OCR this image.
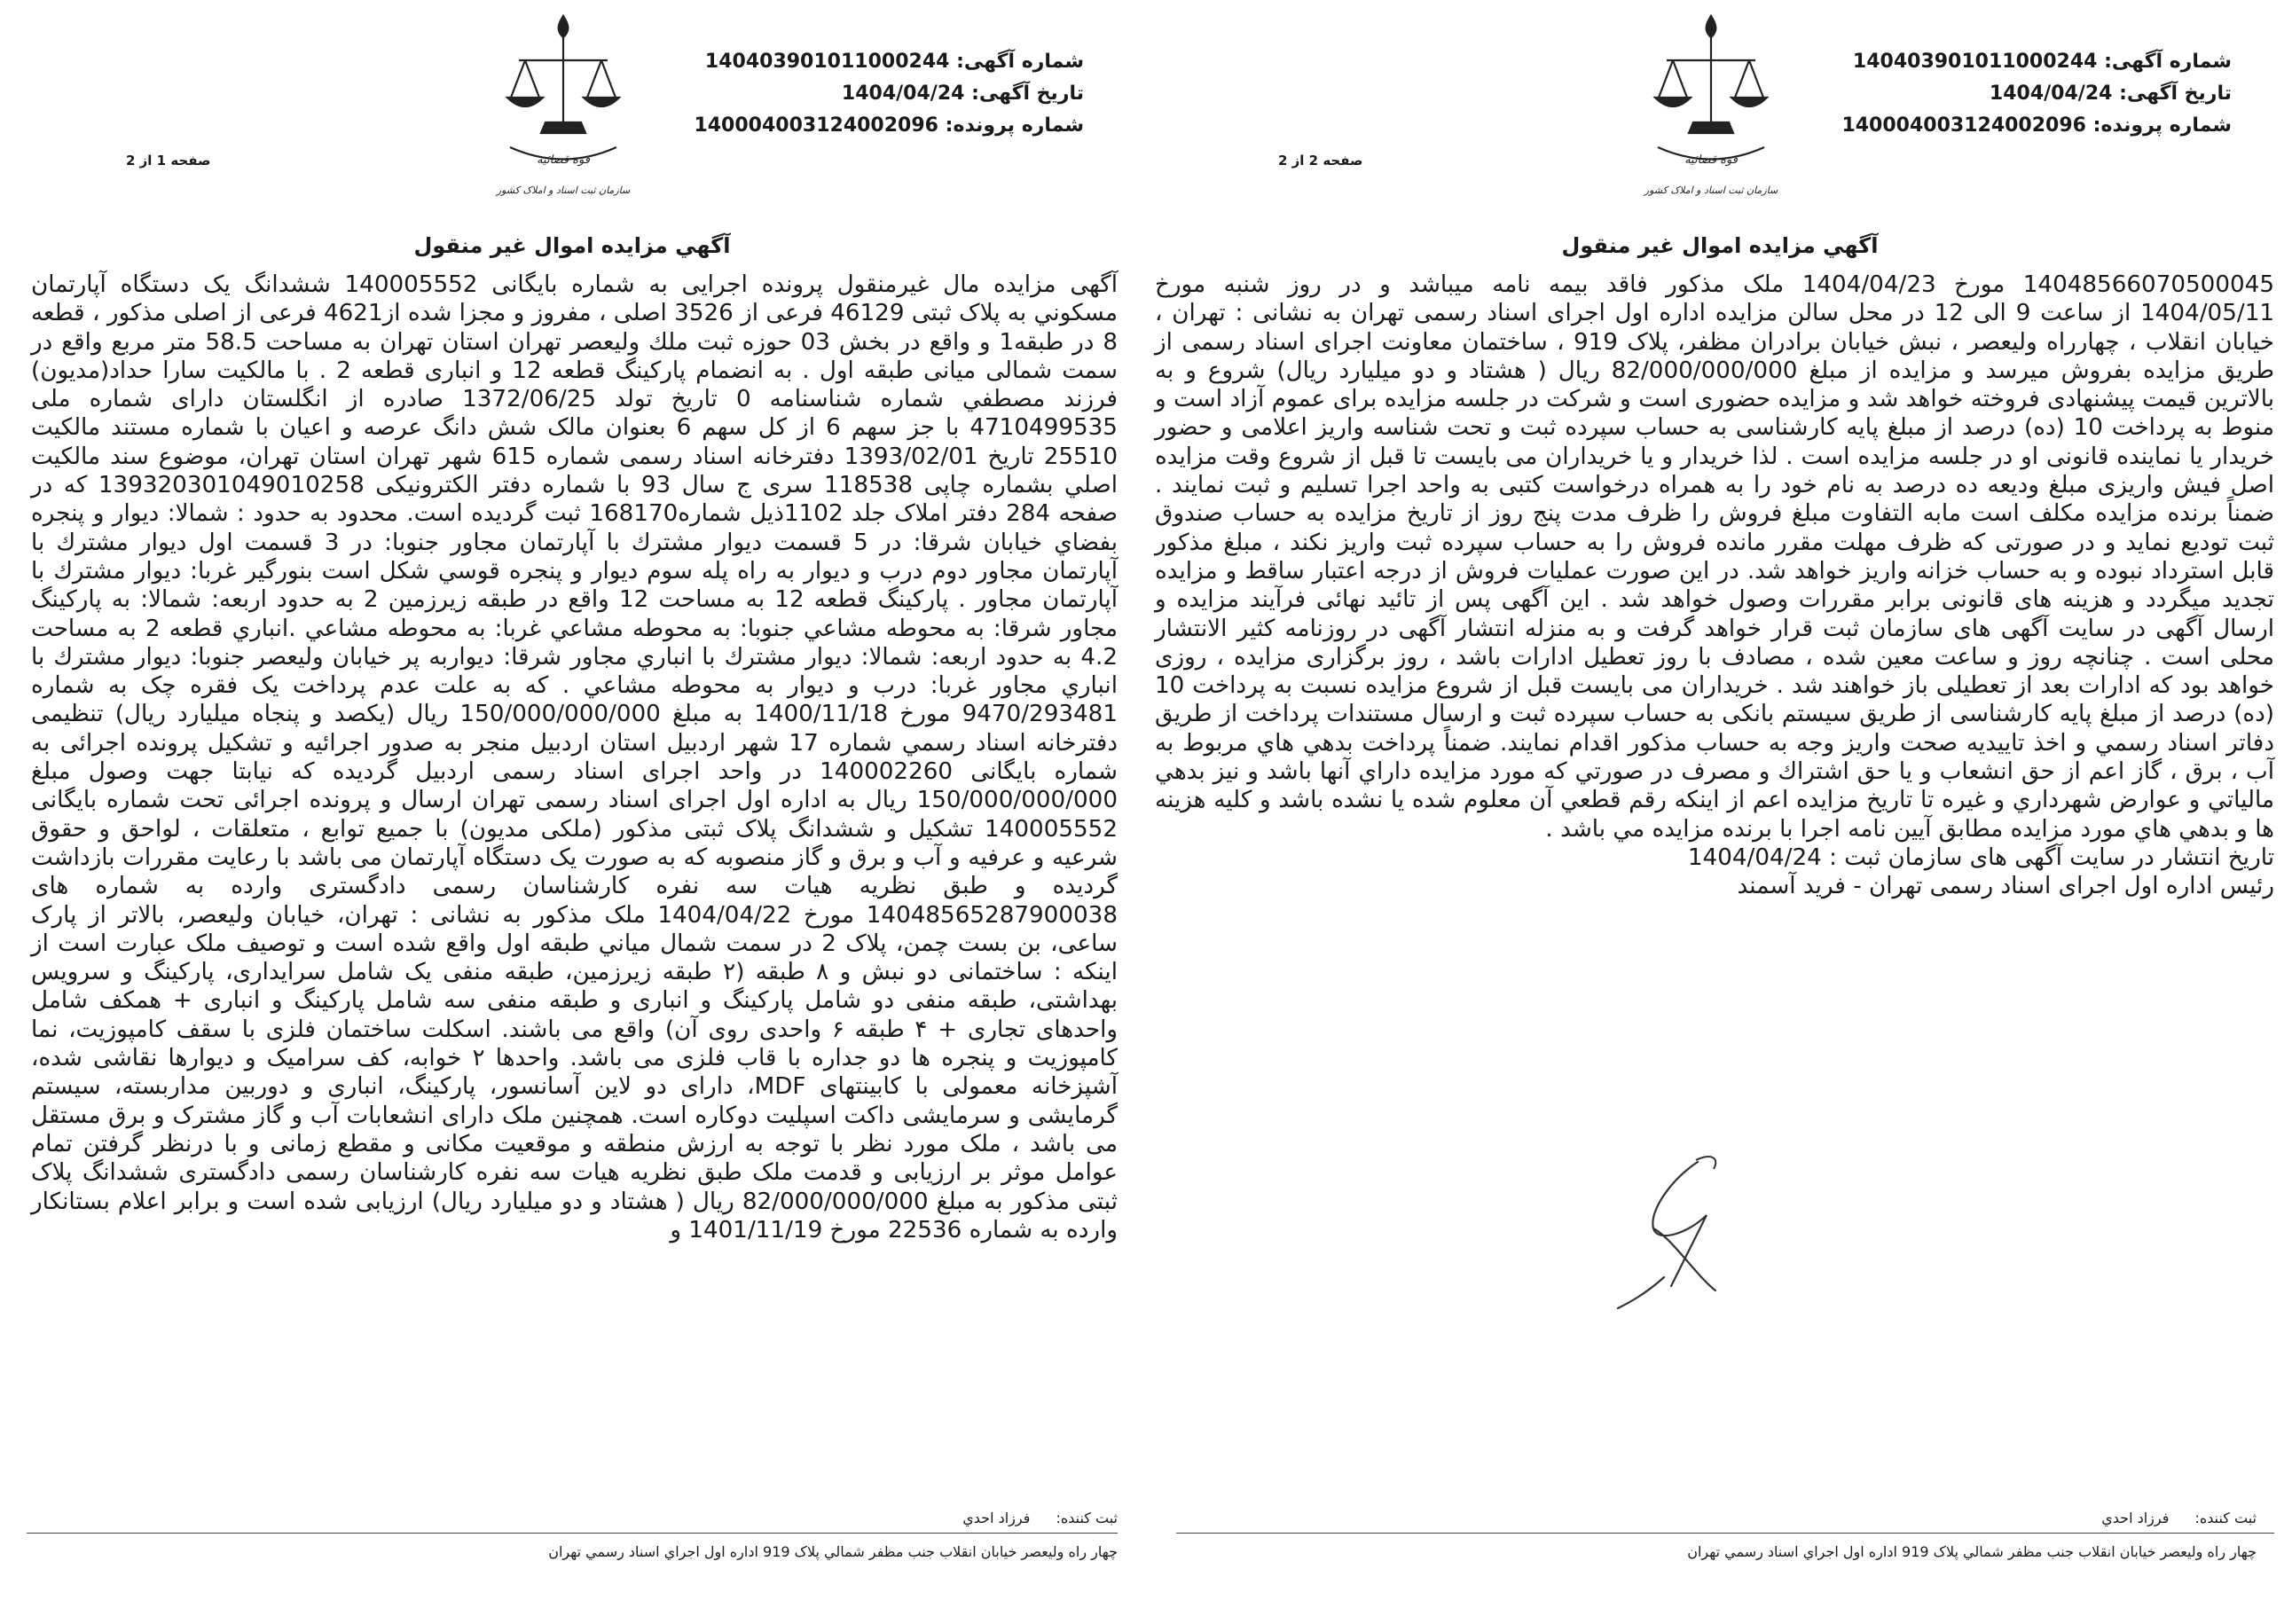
شماره آگهی: 140403901011000244
تاریخ آگهی: 1404/04/24
شماره پرونده: 140004003124002096
قوه قضائیه
سازمان ثبت اسناد و املاک کشور
صفحه 1 از 2
آگهي مزايده اموال غير منقول

آگهی مزایده مال غیرمنقول پرونده اجرایی به شماره بایگانی 140005552 ششدانگ یک دستگاه آپارتمان مسکوني به پلاک ثبتی 46129 فرعی از 3526 اصلی ، مفروز و مجزا شده از4621 فرعی از اصلی مذکور ، قطعه 8 در طبقه1 و واقع در بخش 03 حوزه ثبت ملك وليعصر تهران استان تهران به مساحت 58.5 متر مربع واقع در سمت شمالی میانی طبقه اول . به انضمام پارکینگ قطعه 12 و انباری قطعه 2 . با مالکیت سارا حداد(مدیون) فرزند مصطفي شماره شناسنامه 0 تاریخ تولد 1372/06/25 صادره از انگلستان دارای شماره ملی 4710499535 با جز سهم 6 از کل سهم 6 بعنوان مالک شش دانگ عرصه و اعیان با شماره مستند مالکیت 25510 تاریخ 1393/02/01 دفترخانه اسناد رسمی شماره 615 شهر تهران استان تهران، موضوع سند مالكيت اصلي بشماره چاپی 118538 سری ج سال 93 با شماره دفتر الکترونیکی 139320301049010258 که در صفحه 284 دفتر املاک جلد 1102ذیل شماره168170 ثبت گردیده است. محدود به حدود : شمالا: ديوار و پنجره بفضاي خيابان شرقا: در 5 قسمت ديوار مشترك با آپارتمان مجاور جنوبا: در 3 قسمت اول ديوار مشترك با آپارتمان مجاور دوم درب و ديوار به راه پله سوم ديوار و پنجره قوسي شكل است بنورگير غربا: ديوار مشترك با آپارتمان مجاور . پاركينگ قطعه 12 به مساحت 12 واقع در طبقه زيرزمين 2 به حدود اربعه: شمالا: به پاركينگ مجاور شرقا: به محوطه مشاعي جنوبا: به محوطه مشاعي غربا: به محوطه مشاعي .انباري قطعه 2 به مساحت 4.2 به حدود اربعه: شمالا: ديوار مشترك با انباري مجاور شرقا: ديواربه پر خيابان وليعصر جنوبا: ديوار مشترك با انباري مجاور غربا: درب و ديوار به محوطه مشاعي . که به علت عدم پرداخت یک فقره چک به شماره 9470/293481 مورخ 1400/11/18 به مبلغ 150/000/000/000 ریال (یکصد و پنجاه میلیارد ریال) تنظیمی دفترخانه اسناد رسمي شماره 17 شهر اردبیل استان اردبیل منجر به صدور اجرائیه و تشکیل پرونده اجرائی به شماره بایگانی 140002260 در واحد اجرای اسناد رسمی اردبیل گردیده که نیابتا جهت وصول مبلغ 150/000/000/000 ریال به اداره اول اجرای اسناد رسمی تهران ارسال و پرونده اجرائی تحت شماره بایگانی 140005552 تشکیل و ششدانگ پلاک ثبتی مذکور (ملکی مدیون) با جمیع توابع ، متعلقات ، لواحق و حقوق شرعیه و عرفیه و آب و برق و گاز منصوبه که به صورت یک دستگاه آپارتمان می باشد با رعایت مقررات بازداشت گردیده و طبق نظریه هیات سه نفره کارشناسان رسمی دادگستری وارده به شماره های 14048565287900038 مورخ 1404/04/22 ملک مذکور به نشانی : تهران، خیابان ولیعصر، بالاتر از پارک ساعی، بن بست چمن، پلاک 2 در سمت شمال میاني طبقه اول واقع شده است و توصیف ملک عبارت است از اینکه : ساختمانی دو نبش و ۸ طبقه (۲ طبقه زیرزمین، طبقه منفی یک شامل سرایداری، پارکینگ و سرویس بهداشتی، طبقه منفی دو شامل پارکینگ و انباری و طبقه منفی سه شامل پارکینگ و انباری + همکف شامل واحدهای تجاری + ۴ طبقه ۶ واحدی روی آن) واقع می باشند. اسکلت ساختمان فلزی با سقف کامپوزیت، نما کامپوزیت و پنجره ها دو جداره با قاب فلزی می باشد. واحدها ۲ خوابه، کف سرامیک و دیوارها نقاشی شده، آشپزخانه معمولی با کابینتهای MDF، دارای دو لاین آسانسور، پارکینگ، انباری و دوربین مداربسته، سیستم گرمایشی و سرمایشی داکت اسپلیت دوکاره است. همچنین ملک دارای انشعابات آب و گاز مشترک و برق مستقل می باشد ، ملک مورد نظر با توجه به ارزش منطقه و موقعیت مکانی و مقطع زمانی و با درنظر گرفتن تمام عوامل موثر بر ارزیابی و قدمت ملک طبق نظریه هیات سه نفره کارشناسان رسمی دادگستری ششدانگ پلاک ثبتی مذکور به مبلغ 82/000/000/000 ریال ( هشتاد و دو میلیارد ریال) ارزیابی شده است و برابر اعلام بستانکار وارده به شماره 22536 مورخ 1401/11/19 و

ثبت کننده: فرزاد احدي
چهار راه وليعصر خيابان انقلاب جنب مظفر شمالي پلاک 919 اداره اول اجراي اسناد رسمي تهران
شماره آگهی: 140403901011000244
تاریخ آگهی: 1404/04/24
شماره پرونده: 140004003124002096
قوه قضائیه
سازمان ثبت اسناد و املاک کشور
صفحه 2 از 2
آگهي مزايده اموال غير منقول

14048566070500045 مورخ 1404/04/23 ملک مذکور فاقد بیمه نامه میباشد و در روز شنبه مورخ 1404/05/11 از ساعت 9 الی 12 در محل سالن مزایده اداره اول اجرای اسناد رسمی تهران به نشانی : تهران ، خیابان انقلاب ، چهارراه ولیعصر ، نبش خیابان برادران مظفر، پلاک 919 ، ساختمان معاونت اجرای اسناد رسمی از طریق مزایده بفروش میرسد و مزایده از مبلغ 82/000/000/000 ریال ( هشتاد و دو میلیارد ریال) شروع و به بالاترین قیمت پیشنهادی فروخته خواهد شد و مزایده حضوری است و شرکت در جلسه مزایده برای عموم آزاد است و منوط به پرداخت 10 (ده) درصد از مبلغ پایه کارشناسی به حساب سپرده ثبت و تحت شناسه واریز اعلامی و حضور خریدار یا نماینده قانونی او در جلسه مزایده است . لذا خریدار و یا خریداران می بایست تا قبل از شروع وقت مزایده اصل فیش واریزی مبلغ ودیعه ده درصد به نام خود را به همراه درخواست کتبی به واحد اجرا تسلیم و ثبت نمایند . ضمناً برنده مزایده مکلف است مابه التفاوت مبلغ فروش را ظرف مدت پنج روز از تاریخ مزایده به حساب صندوق ثبت تودیع نماید و در صورتی که ظرف مهلت مقرر مانده فروش را به حساب سپرده ثبت واریز نکند ، مبلغ مذکور قابل استرداد نبوده و به حساب خزانه واریز خواهد شد. در این صورت عملیات فروش از درجه اعتبار ساقط و مزایده تجدید میگردد و هزینه های قانونی برابر مقررات وصول خواهد شد . این آگهی پس از تائید نهائی فرآیند مزایده و ارسال آگهی در سایت آگهی های سازمان ثبت قرار خواهد گرفت و به منزله انتشار آگهی در روزنامه کثیر الانتشار محلی است . چنانچه روز و ساعت معین شده ، مصادف با روز تعطیل ادارات باشد ، روز برگزاری مزایده ، روزی خواهد بود که ادارات بعد از تعطیلی باز خواهند شد . خریداران می بایست قبل از شروع مزایده نسبت به پرداخت 10 (ده) درصد از مبلغ پایه کارشناسی از طریق سیستم بانکی به حساب سپرده ثبت و ارسال مستندات پرداخت از طریق دفاتر اسناد رسمي و اخذ تاییدیه صحت واریز وجه به حساب مذکور اقدام نمایند. ضمناً پرداخت بدهي هاي مربوط به آب ، برق ، گاز اعم از حق انشعاب و يا حق اشتراك و مصرف در صورتي كه مورد مزايده داراي آنها باشد و نيز بدهي مالياتي و عوارض شهرداري و غيره تا تاريخ مزايده اعم از اينكه رقم قطعي آن معلوم شده يا نشده باشد و كليه هزينه ها و بدهي هاي مورد مزايده مطابق آيين نامه اجرا با برنده مزايده مي باشد .

تاریخ انتشار در سایت آگهی های سازمان ثبت : 1404/04/24

رئیس اداره اول اجرای اسناد رسمی تهران - فرید آسمند

ثبت کننده: فرزاد احدي
چهار راه وليعصر خيابان انقلاب جنب مظفر شمالي پلاک 919 اداره اول اجراي اسناد رسمي تهران
